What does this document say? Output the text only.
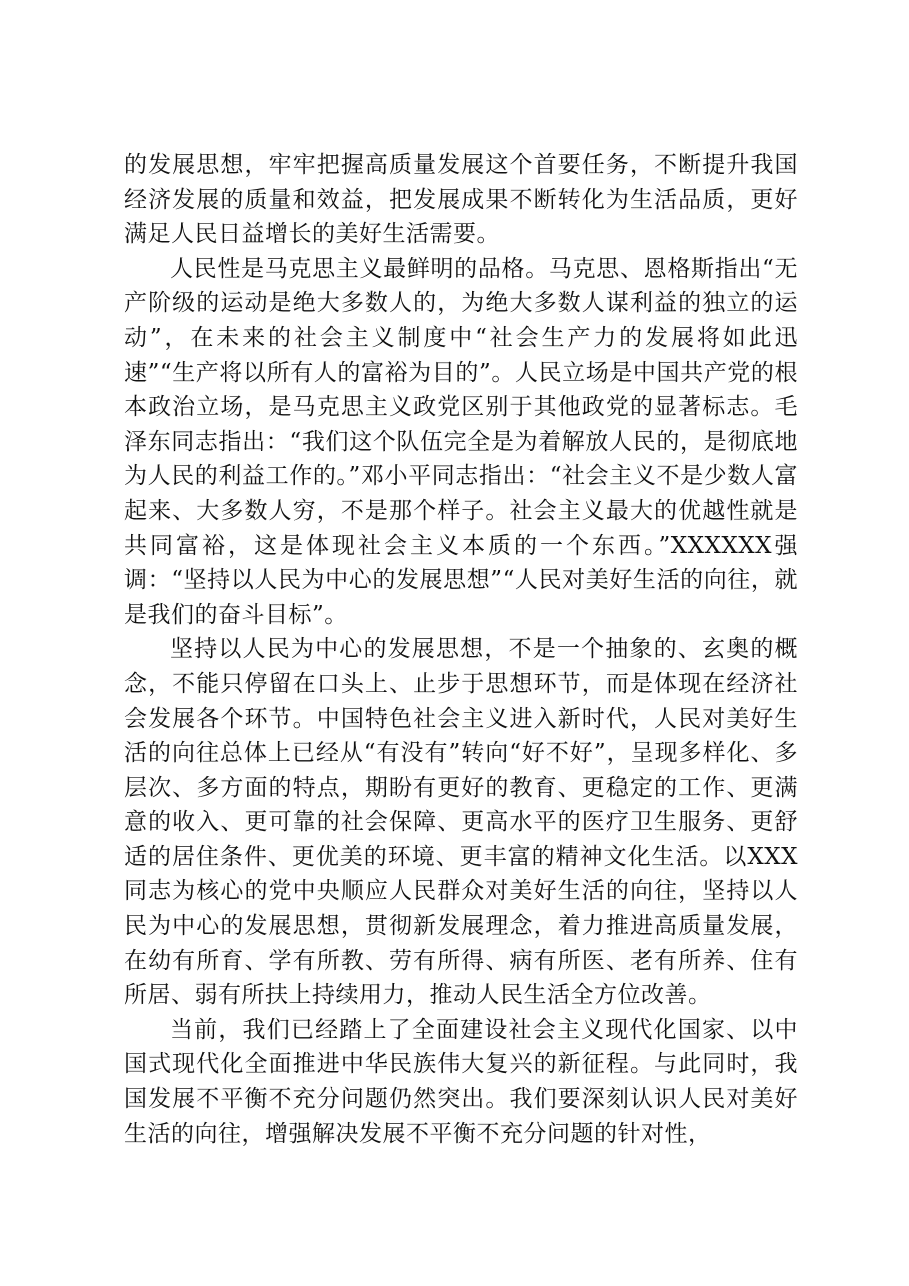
的发展思想，牢牢把握高质量发展这个首要任务，不断提升我国经济发展的质量和效益，把发展成果不断转化为生活品质，更好满足人民日益增长的美好生活需要。

人民性是马克思主义最鲜明的品格。马克思、恩格斯指出“无产阶级的运动是绝大多数人的，为绝大多数人谋利益的独立的运动”，在未来的社会主义制度中“社会生产力的发展将如此迅速”“生产将以所有人的富裕为目的”。人民立场是中国共产党的根本政治立场，是马克思主义政党区别于其他政党的显著标志。毛泽东同志指出：“我们这个队伍完全是为着解放人民的，是彻底地为人民的利益工作的。”邓小平同志指出：“社会主义不是少数人富起来、大多数人穷，不是那个样子。社会主义最大的优越性就是共同富裕，这是体现社会主义本质的一个东西。”XXXXXX强调：“坚持以人民为中心的发展思想”“人民对美好生活的向往，就是我们的奋斗目标”。

坚持以人民为中心的发展思想，不是一个抽象的、玄奥的概念，不能只停留在口头上、止步于思想环节，而是体现在经济社会发展各个环节。中国特色社会主义进入新时代，人民对美好生活的向往总体上已经从“有没有”转向“好不好”，呈现多样化、多层次、多方面的特点，期盼有更好的教育、更稳定的工作、更满意的收入、更可靠的社会保障、更高水平的医疗卫生服务、更舒适的居住条件、更优美的环境、更丰富的精神文化生活。以XXX同志为核心的党中央顺应人民群众对美好生活的向往，坚持以人民为中心的发展思想，贯彻新发展理念，着力推进高质量发展，在幼有所育、学有所教、劳有所得、病有所医、老有所养、住有所居、弱有所扶上持续用力，推动人民生活全方位改善。

当前，我们已经踏上了全面建设社会主义现代化国家、以中国式现代化全面推进中华民族伟大复兴的新征程。与此同时，我国发展不平衡不充分问题仍然突出。我们要深刻认识人民对美好生活的向往，增强解决发展不平衡不充分问题的针对性，
